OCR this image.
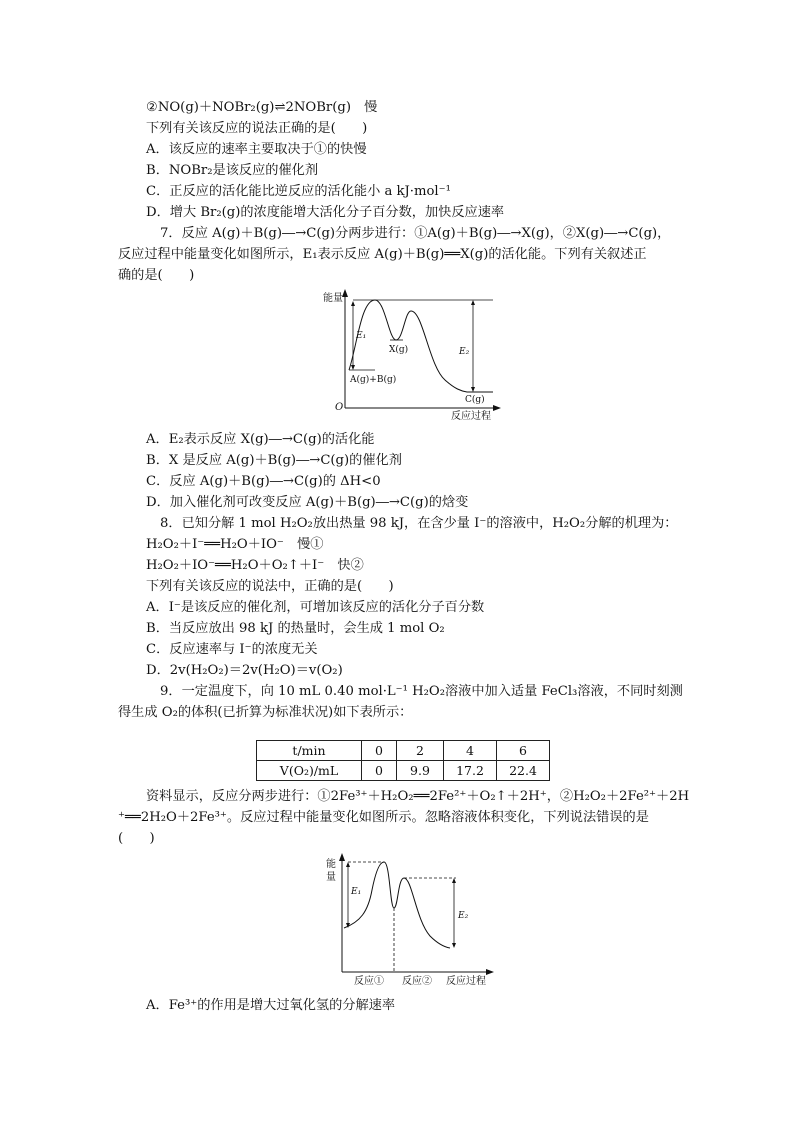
②NO(g)＋NOBr₂(g)⇌2NOBr(g)　慢
下列有关该反应的说法正确的是(　　)
A．该反应的速率主要取决于①的快慢
B．NOBr₂是该反应的催化剂
C．正反应的活化能比逆反应的活化能小 a kJ·mol⁻¹
D．增大 Br₂(g)的浓度能增大活化分子百分数，加快反应速率
7．反应 A(g)＋B(g)―→C(g)分两步进行：①A(g)＋B(g)―→X(g)，②X(g)―→C(g)，
反应过程中能量变化如图所示，E₁表示反应 A(g)＋B(g)══X(g)的活化能。下列有关叙述正
确的是(　　)
能量
O
反应过程
E₁
E₂
A(g)+B(g)
X(g)
C(g)
A．E₂表示反应 X(g)―→C(g)的活化能
B．X 是反应 A(g)＋B(g)―→C(g)的催化剂
C．反应 A(g)＋B(g)―→C(g)的 ΔH<0
D．加入催化剂可改变反应 A(g)＋B(g)―→C(g)的焓变
8．已知分解 1 mol H₂O₂放出热量 98 kJ，在含少量 I⁻的溶液中，H₂O₂分解的机理为：
H₂O₂＋I⁻══H₂O＋IO⁻　慢①
H₂O₂＋IO⁻══H₂O＋O₂↑＋I⁻　快②
下列有关该反应的说法中，正确的是(　　)
A．I⁻是该反应的催化剂，可增加该反应的活化分子百分数
B．当反应放出 98 kJ 的热量时，会生成 1 mol O₂
C．反应速率与 I⁻的浓度无关
D．2v(H₂O₂)＝2v(H₂O)＝v(O₂)
9．一定温度下，向 10 mL 0.40 mol·L⁻¹ H₂O₂溶液中加入适量 FeCl₃溶液，不同时刻测
得生成 O₂的体积(已折算为标准状况)如下表所示：
t/min	0	2	4	6
V(O₂)/mL	0	9.9	17.2	22.4
资料显示，反应分两步进行：①2Fe³⁺＋H₂O₂══2Fe²⁺＋O₂↑＋2H⁺，②H₂O₂＋2Fe²⁺＋2H
⁺══2H₂O＋2Fe³⁺。反应过程中能量变化如图所示。忽略溶液体积变化，下列说法错误的是
(　　)
能
量
E₁
E₂
反应① 反应② 反应过程
A．Fe³⁺的作用是增大过氧化氢的分解速率
